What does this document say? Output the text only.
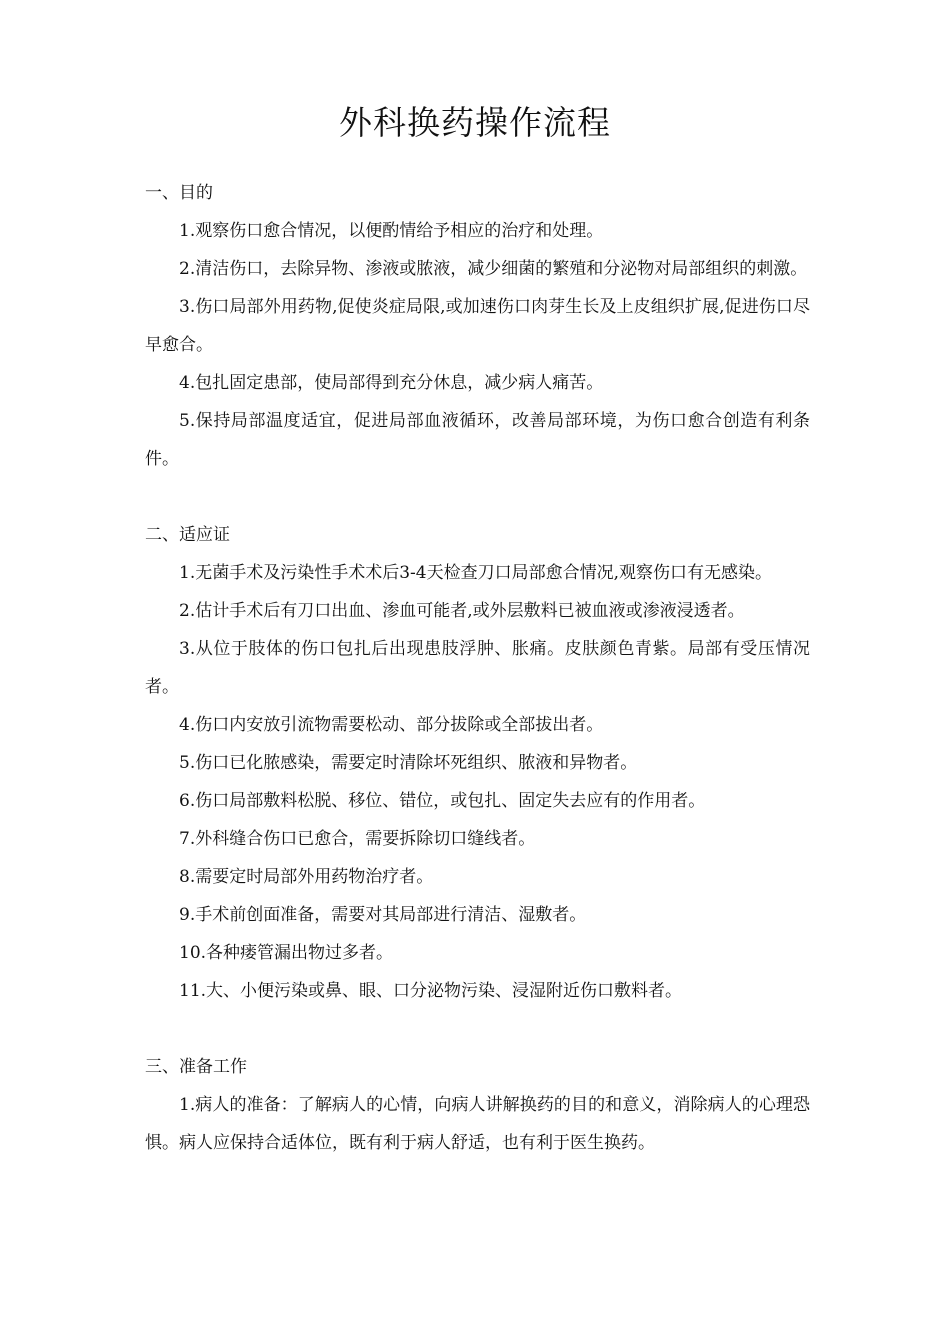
外科换药操作流程

一、目的

1.观察伤口愈合情况，以便酌情给予相应的治疗和处理。

2.清洁伤口，去除异物、渗液或脓液，减少细菌的繁殖和分泌物对局部组织的刺激。

3.伤口局部外用药物,促使炎症局限,或加速伤口肉芽生长及上皮组织扩展,促进伤口尽早愈合。

4.包扎固定患部，使局部得到充分休息，减少病人痛苦。

5.保持局部温度适宜，促进局部血液循环，改善局部环境，为伤口愈合创造有利条件。

二、适应证

1.无菌手术及污染性手术术后3-4天检查刀口局部愈合情况,观察伤口有无感染。

2.估计手术后有刀口出血、渗血可能者,或外层敷料已被血液或渗液浸透者。

3.从位于肢体的伤口包扎后出现患肢浮肿、胀痛。皮肤颜色青紫。局部有受压情况者。

4.伤口内安放引流物需要松动、部分拔除或全部拔出者。

5.伤口已化脓感染，需要定时清除坏死组织、脓液和异物者。

6.伤口局部敷料松脱、移位、错位，或包扎、固定失去应有的作用者。

7.外科缝合伤口已愈合，需要拆除切口缝线者。

8.需要定时局部外用药物治疗者。

9.手术前创面准备，需要对其局部进行清洁、湿敷者。

10.各种瘘管漏出物过多者。

11.大、小便污染或鼻、眼、口分泌物污染、浸湿附近伤口敷料者。

三、准备工作

1.病人的准备：了解病人的心情，向病人讲解换药的目的和意义，消除病人的心理恐惧。病人应保持合适体位，既有利于病人舒适，也有利于医生换药。
